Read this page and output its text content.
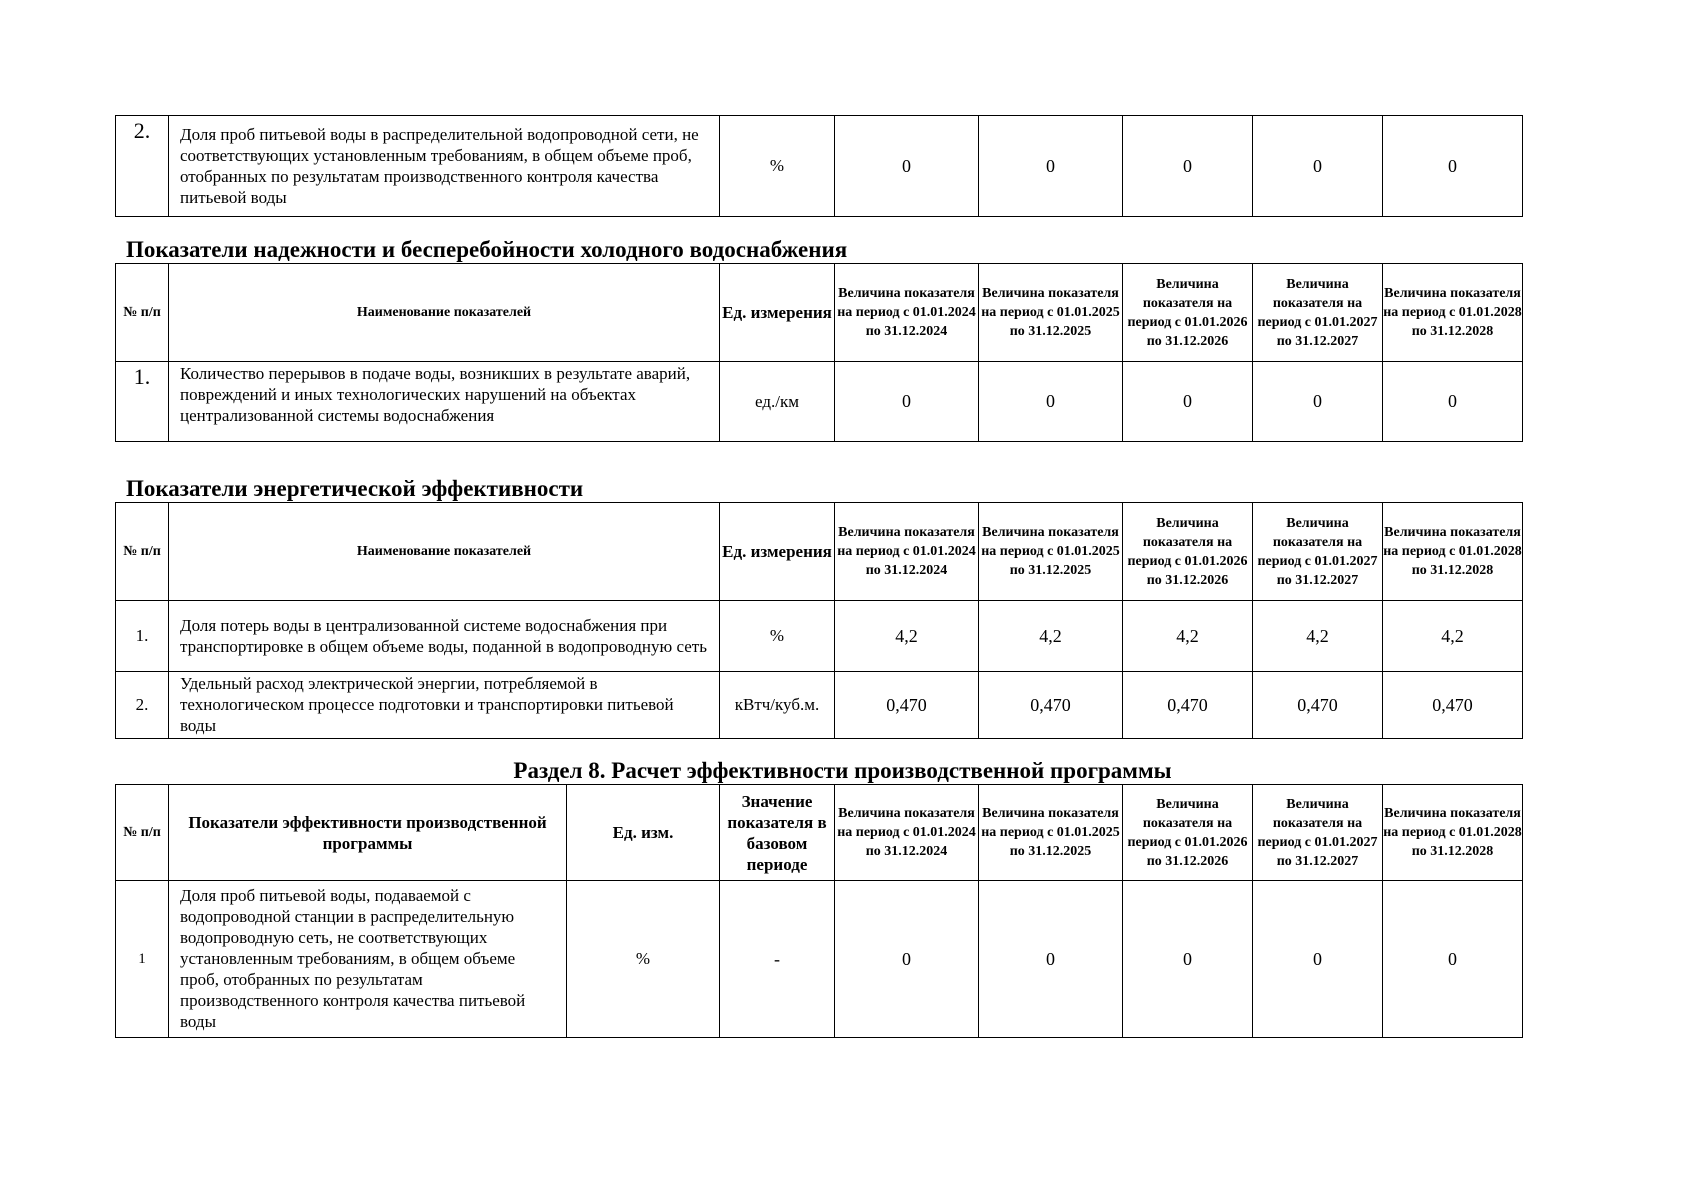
2.	Доля проб питьевой воды в распределительной водопроводной сети, не соответствующих установленным требованиям, в общем объеме проб, отобранных по результатам производственного контроля качества питьевой воды	%	0	0	0	0	0
Показатели надежности и бесперебойности холодного водоснабжения
№ п/п	Наименование показателей	Ед. измерения	Величина показателя на период с 01.01.2024 по 31.12.2024	Величина показателя на период с 01.01.2025 по 31.12.2025	Величина показателя на период с 01.01.2026 по 31.12.2026	Величина показателя на период с 01.01.2027 по 31.12.2027	Величина показателя на период с 01.01.2028 по 31.12.2028
1.	Количество перерывов в подаче воды, возникших в результате аварий, повреждений и иных технологических нарушений на объектах централизованной системы водоснабжения	ед./км	0	0	0	0	0
Показатели энергетической эффективности
№ п/п	Наименование показателей	Ед. измерения	Величина показателя на период с 01.01.2024 по 31.12.2024	Величина показателя на период с 01.01.2025 по 31.12.2025	Величина показателя на период с 01.01.2026 по 31.12.2026	Величина показателя на период с 01.01.2027 по 31.12.2027	Величина показателя на период с 01.01.2028 по 31.12.2028
1.	Доля потерь воды в централизованной системе водоснабжения при транспортировке в общем объеме воды, поданной в водопроводную сеть	%	4,2	4,2	4,2	4,2	4,2
2.	Удельный расход электрической энергии, потребляемой в технологическом процессе подготовки и транспортировки питьевой воды	кВтч/куб.м.	0,470	0,470	0,470	0,470	0,470
Раздел 8. Расчет эффективности производственной программы
№ п/п	Показатели эффективности производственной программы	Ед. изм.	Значение показателя в базовом периоде	Величина показателя на период с 01.01.2024 по 31.12.2024	Величина показателя на период с 01.01.2025 по 31.12.2025	Величина показателя на период с 01.01.2026 по 31.12.2026	Величина показателя на период с 01.01.2027 по 31.12.2027	Величина показателя на период с 01.01.2028 по 31.12.2028
1	Доля проб питьевой воды, подаваемой с водопроводной станции в распределительную водопроводную сеть, не соответствующих установленным требованиям, в общем объеме проб, отобранных по результатам производственного контроля качества питьевой воды	%	-	0	0	0	0	0
